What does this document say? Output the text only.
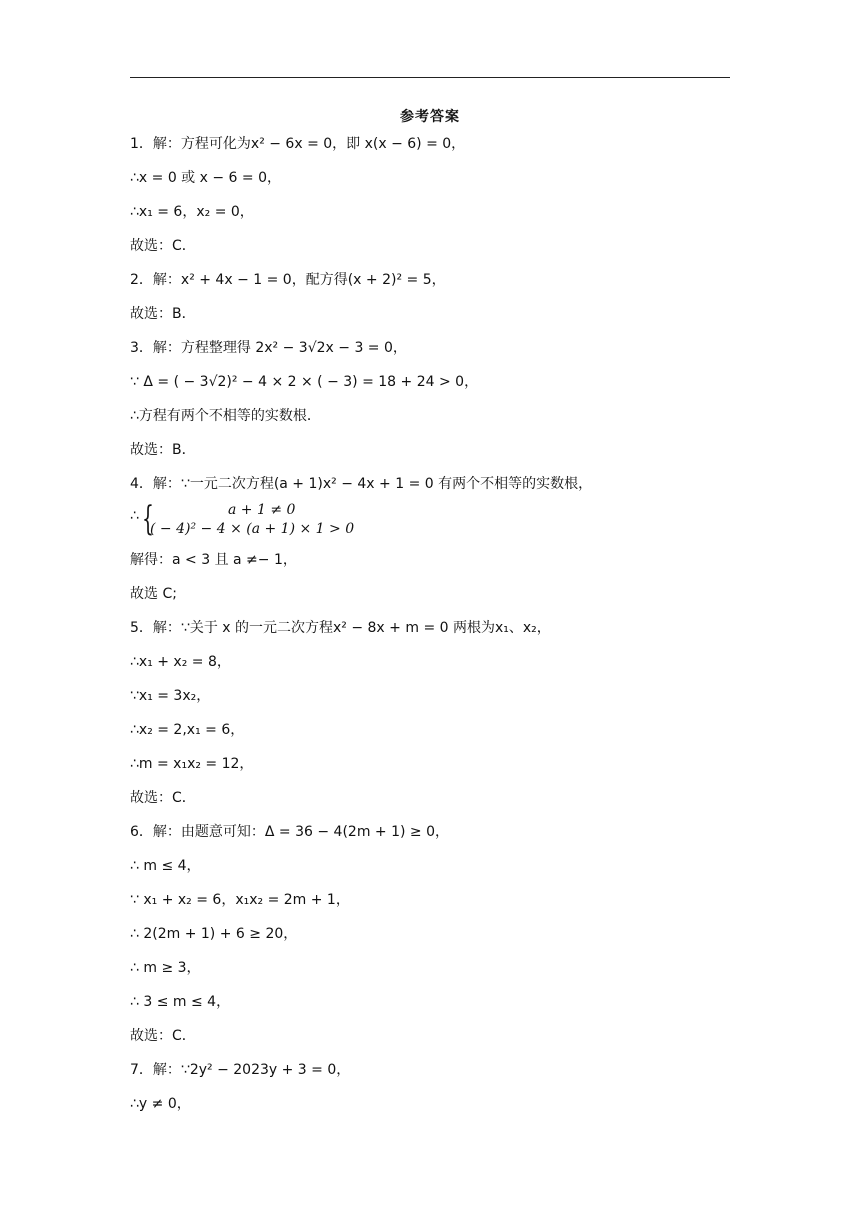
参考答案
1．解：方程可化为x² − 6x = 0，即 x(x − 6) = 0，
∴x = 0 或 x − 6 = 0，
∴x₁ = 6，x₂ = 0，
故选：C．
2．解：x² + 4x − 1 = 0，配方得(x + 2)² = 5，
故选：B．
3．解：方程整理得 2x² − 3√2x − 3 = 0，
∵ Δ = ( − 3√2)² − 4 × 2 × ( − 3) = 18 + 24 > 0，
∴方程有两个不相等的实数根．
故选：B．
4．解：∵一元二次方程(a + 1)x² − 4x + 1 = 0 有两个不相等的实数根，
∴ {	a + 1 ≠ 0
( − 4)² − 4 × (a + 1) × 1 > 0
解得：a < 3 且 a ≠− 1，
故选 C;
5．解：∵关于 x 的一元二次方程x² − 8x + m = 0 两根为x₁、x₂，
∴x₁ + x₂ = 8，
∵x₁ = 3x₂，
∴x₂ = 2,x₁ = 6，
∴m = x₁x₂ = 12，
故选：C．
6．解：由题意可知：Δ = 36 − 4(2m + 1) ≥ 0，
∴ m ≤ 4，
∵ x₁ + x₂ = 6，x₁x₂ = 2m + 1，
∴ 2(2m + 1) + 6 ≥ 20，
∴ m ≥ 3，
∴ 3 ≤ m ≤ 4，
故选：C．
7．解：∵2y² − 2023y + 3 = 0，
∴y ≠ 0，
